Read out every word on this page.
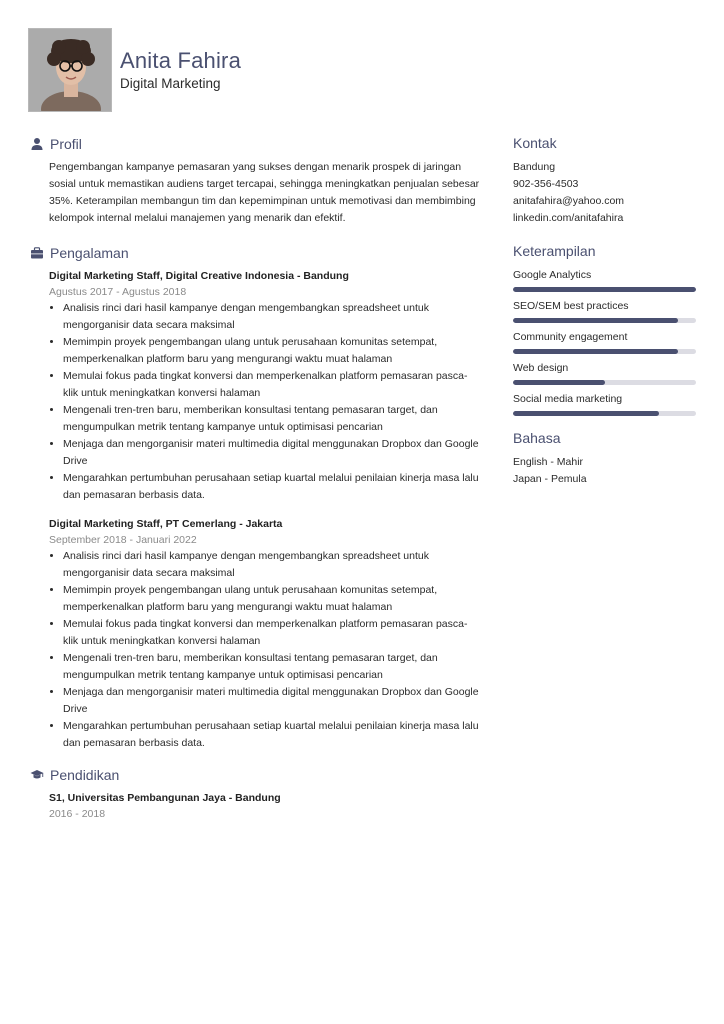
Anita Fahira
Digital Marketing
Profil
Pengembangan kampanye pemasaran yang sukses dengan menarik prospek di jaringan sosial untuk memastikan audiens target tercapai, sehingga meningkatkan penjualan sebesar 35%. Keterampilan membangun tim dan kepemimpinan untuk memotivasi dan membimbing kelompok internal melalui manajemen yang menarik dan efektif.
Pengalaman
Digital Marketing Staff, Digital Creative Indonesia - Bandung
Agustus 2017 - Agustus 2018
• Analisis rinci dari hasil kampanye dengan mengembangkan spreadsheet untuk mengorganisir data secara maksimal
• Memimpin proyek pengembangan ulang untuk perusahaan komunitas setempat, memperkenalkan platform baru yang mengurangi waktu muat halaman
• Memulai fokus pada tingkat konversi dan memperkenalkan platform pemasaran pasca-klik untuk meningkatkan konversi halaman
• Mengenali tren-tren baru, memberikan konsultasi tentang pemasaran target, dan mengumpulkan metrik tentang kampanye untuk optimisasi pencarian
• Menjaga dan mengorganisir materi multimedia digital menggunakan Dropbox dan Google Drive
• Mengarahkan pertumbuhan perusahaan setiap kuartal melalui penilaian kinerja masa lalu dan pemasaran berbasis data.
Digital Marketing Staff, PT Cemerlang - Jakarta
September 2018 - Januari 2022
• Analisis rinci dari hasil kampanye dengan mengembangkan spreadsheet untuk mengorganisir data secara maksimal
• Memimpin proyek pengembangan ulang untuk perusahaan komunitas setempat, memperkenalkan platform baru yang mengurangi waktu muat halaman
• Memulai fokus pada tingkat konversi dan memperkenalkan platform pemasaran pasca-klik untuk meningkatkan konversi halaman
• Mengenali tren-tren baru, memberikan konsultasi tentang pemasaran target, dan mengumpulkan metrik tentang kampanye untuk optimisasi pencarian
• Menjaga dan mengorganisir materi multimedia digital menggunakan Dropbox dan Google Drive
• Mengarahkan pertumbuhan perusahaan setiap kuartal melalui penilaian kinerja masa lalu dan pemasaran berbasis data.
Pendidikan
S1, Universitas Pembangunan Jaya - Bandung
2016 - 2018
Kontak
Bandung
902-356-4503
anitafahira@yahoo.com
linkedin.com/anitafahira
Keterampilan
Google Analytics
SEO/SEM best practices
Community engagement
Web design
Social media marketing
Bahasa
English - Mahir
Japan - Pemula
